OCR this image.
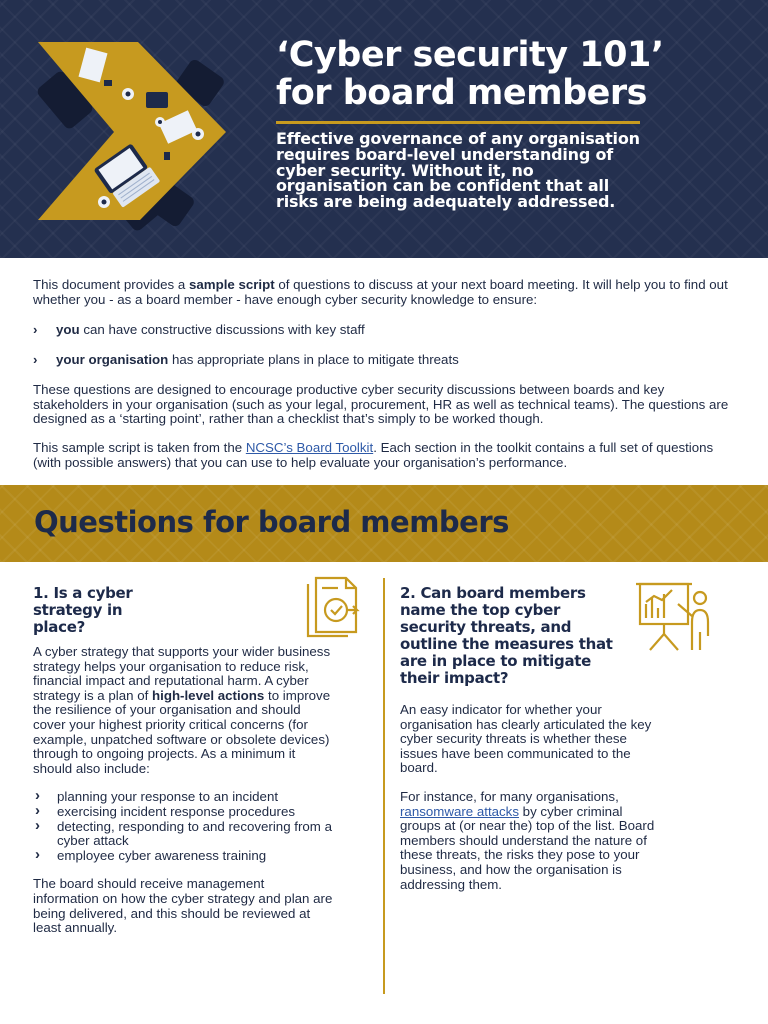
‘Cyber security 101’
for board members
Effective governance of any organisation requires board-level understanding of cyber security. Without it, no organisation can be confident that all risks are being adequately addressed.

This document provides a sample script of questions to discuss at your next board meeting. It will help you to find out whether you - as a board member - have enough cyber security knowledge to ensure:

›	you can have constructive discussions with key staff
›	your organisation has appropriate plans in place to mitigate threats

These questions are designed to encourage productive cyber security discussions between boards and key stakeholders in your organisation (such as your legal, procurement, HR as well as technical teams). The questions are designed as a ‘starting point’, rather than a checklist that’s simply to be worked though.

This sample script is taken from the NCSC’s Board Toolkit. Each section in the toolkit contains a full set of questions (with possible answers) that you can use to help evaluate your organisation’s performance.

Questions for board members
1. Is a cyber
strategy in
place?

A cyber strategy that supports your wider business strategy helps your organisation to reduce risk, financial impact and reputational harm. A cyber strategy is a plan of high-level actions to improve the resilience of your organisation and should cover your highest priority critical concerns (for example, unpatched software or obsolete devices) through to ongoing projects. As a minimum it should also include:

› planning your response to an incident
› exercising incident response procedures
› detecting, responding to and recovering from a cyber attack
› employee cyber awareness training

The board should receive management information on how the cyber strategy and plan are being delivered, and this should be reviewed at least annually.

2. Can board members
name the top cyber
security threats, and
outline the measures that
are in place to mitigate
their impact?

An easy indicator for whether your organisation has clearly articulated the key cyber security threats is whether these issues have been communicated to the board.

For instance, for many organisations, ransomware attacks by cyber criminal groups at (or near the) top of the list. Board members should understand the nature of these threats, the risks they pose to your business, and how the organisation is addressing them.
